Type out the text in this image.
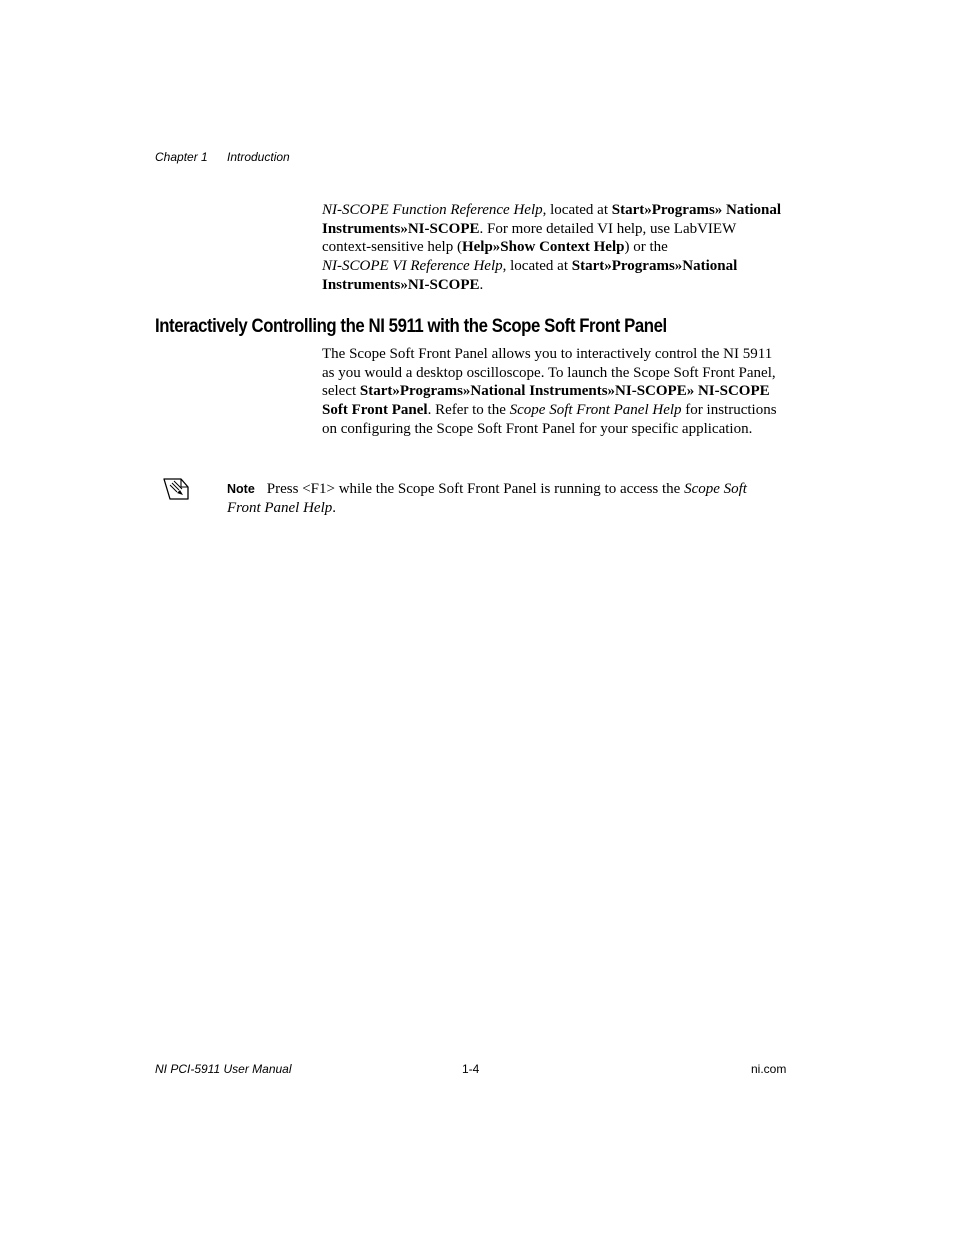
Chapter 1 Introduction
NI-SCOPE Function Reference Help, located at Start»Programs» National Instruments»NI-SCOPE. For more detailed VI help, use LabVIEW context-sensitive help (Help»Show Context Help) or the
NI-SCOPE VI Reference Help, located at Start»Programs»National Instruments»NI-SCOPE.
Interactively Controlling the NI 5911 with the Scope Soft Front Panel
The Scope Soft Front Panel allows you to interactively control the NI 5911 as you would a desktop oscilloscope. To launch the Scope Soft Front Panel, select Start»Programs»National Instruments»NI-SCOPE» NI-SCOPE Soft Front Panel. Refer to the Scope Soft Front Panel Help for instructions on configuring the Scope Soft Front Panel for your specific application.
Note Press <F1> while the Scope Soft Front Panel is running to access the Scope Soft Front Panel Help.
NI PCI-5911 User Manual	1-4	ni.com
